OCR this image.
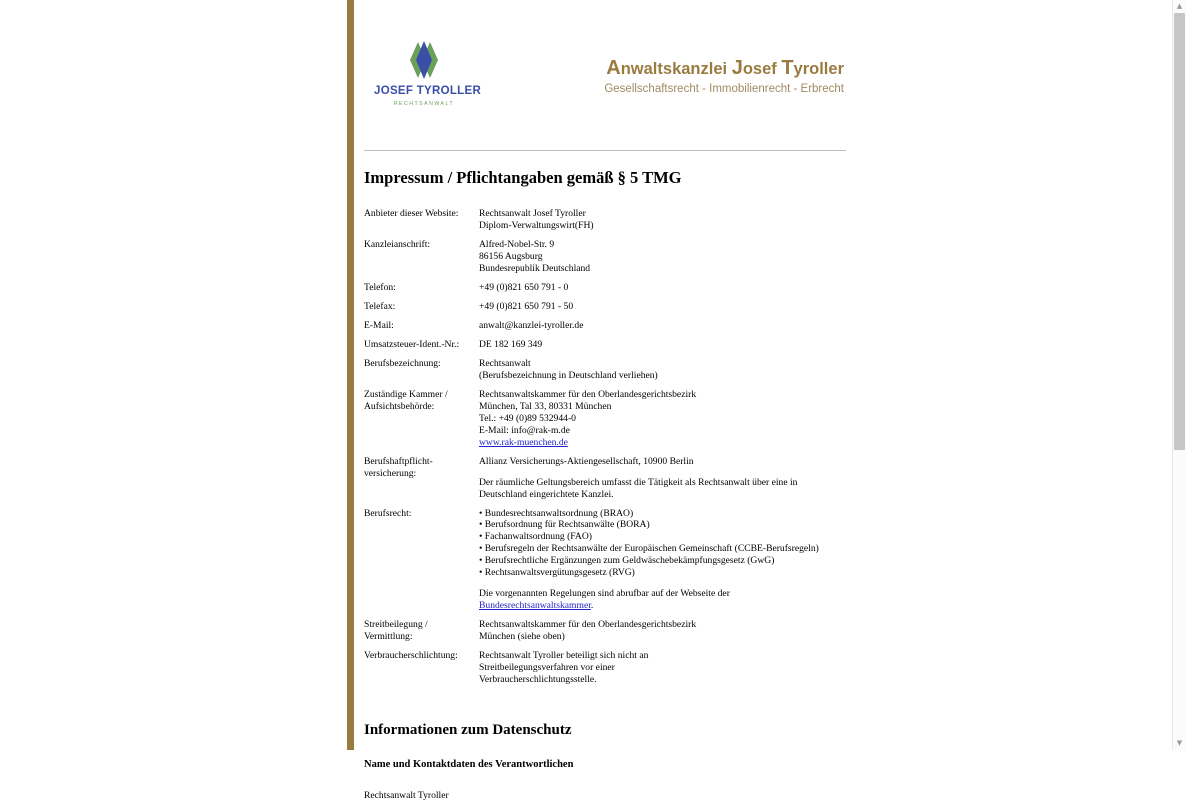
JOSEF TYROLLER
RECHTSANWALT
Anwaltskanzlei Josef Tyroller
Gesellschaftsrecht - Immobilienrecht - Erbrecht
Impressum / Pflichtangaben gemäß § 5 TMG
Anbieter dieser Website:	Rechtsanwalt Josef Tyroller
Diplom-Verwaltungswirt(FH)

Kanzleianschrift:	Alfred-Nobel-Str. 9
86156 Augsburg
Bundesrepublik Deutschland

Telefon:	+49 (0)821 650 791 - 0

Telefax:	+49 (0)821 650 791 - 50

E-Mail:	anwalt@kanzlei-tyroller.de

Umsatzsteuer-Ident.-Nr.:	DE 182 169 349

Berufsbezeichnung:	Rechtsanwalt
(Berufsbezeichnung in Deutschland verliehen)

Zuständige Kammer /
Aufsichtsbehörde:	Rechtsanwaltskammer für den Oberlandesgerichtsbezirk
München, Tal 33, 80331 München
Tel.: +49 (0)89 532944-0
E-Mail: info@rak-m.de
www.rak-muenchen.de

Berufshaftpflicht-
versicherung:	Allianz Versicherungs-Aktiengesellschaft, 10900 Berlin
Der räumliche Geltungsbereich umfasst die Tätigkeit als Rechtsanwalt über eine in
Deutschland eingerichtete Kanzlei.

Berufsrecht:	• Bundesrechtsanwaltsordnung (BRAO)
• Berufsordnung für Rechtsanwälte (BORA)
• Fachanwaltsordnung (FAO)
• Berufsregeln der Rechtsanwälte der Europäischen Gemeinschaft (CCBE-Berufsregeln)
• Berufsrechtliche Ergänzungen zum Geldwäschebekämpfungsgesetz (GwG)
• Rechtsanwaltsvergütungsgesetz (RVG)
Die vorgenannten Regelungen sind abrufbar auf der Webseite der
Bundesrechtsanwaltskammer.

Streitbeilegung /
Vermittlung:	Rechtsanwaltskammer für den Oberlandesgerichtsbezirk
München (siehe oben)

Verbraucherschlichtung:	Rechtsanwalt Tyroller beteiligt sich nicht an
Streitbeilegungsverfahren vor einer
Verbraucherschlichtungsstelle.
Informationen zum Datenschutz
Name und Kontaktdaten des Verantwortlichen
Rechtsanwalt Tyroller
▲
▼
